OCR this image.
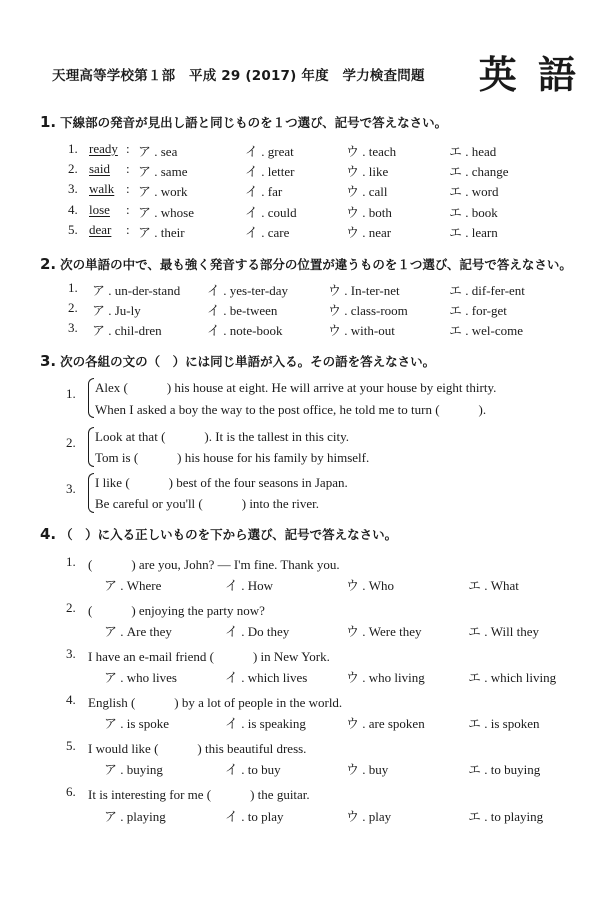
天理高等学校第１部　平成 29 (2017) 年度　学力検査問題 英 語
1. 下線部の発音が見出し語と同じものを１つ選び、記号で答えなさい。
1. ready : ア . sea	イ . great	ウ . teach	エ . head
2. said : ア . same	イ . letter	ウ . like	エ . change
3. walk : ア . work	イ . far	ウ . call	エ . word
4. lose : ア . whose	イ . could	ウ . both	エ . book
5. dear : ア . their	イ . care	ウ . near	エ . learn
2. 次の単語の中で、最も強く発音する部分の位置が違うものを１つ選び、記号で答えなさい。
1. ア . un-der-stand イ . yes-ter-day	ウ . In-ter-net	エ . dif-fer-ent
2. ア . Ju-ly	イ . be-tween	ウ . class-room	エ . for-get
3. ア . chil-dren	イ . note-book	ウ . with-out	エ . wel-come
3. 次の各組の文の（　）には同じ単語が入る。その語を答えなさい。
1. Alex (　　　) his house at eight. He will arrive at your house by eight thirty.
When I asked a boy the way to the post office, he told me to turn (　　　).
2. Look at that (　　　). It is the tallest in this city.
Tom is (　　　) his house for his family by himself.
3. I like (　　　) best of the four seasons in Japan.
Be careful or you'll (　　　) into the river.
4. （　）に入る正しいものを下から選び、記号で答えなさい。
1. (　　　) are you, John? — I'm fine. Thank you.
ア . Where	イ . How	ウ . Who	エ . What
2. (　　　) enjoying the party now?
ア . Are they	イ . Do they	ウ . Were they	エ . Will they
3. I have an e-mail friend (　　　) in New York.
ア . who lives	イ . which lives	ウ . who living	エ . which living
4. English (　　　) by a lot of people in the world.
ア . is spoke	イ . is speaking	ウ . are spoken	エ . is spoken
5. I would like (　　　) this beautiful dress.
ア . buying	イ . to buy	ウ . buy	エ . to buying
6. It is interesting for me (　　　) the guitar.
ア . playing	イ . to play	ウ . play	エ . to playing
